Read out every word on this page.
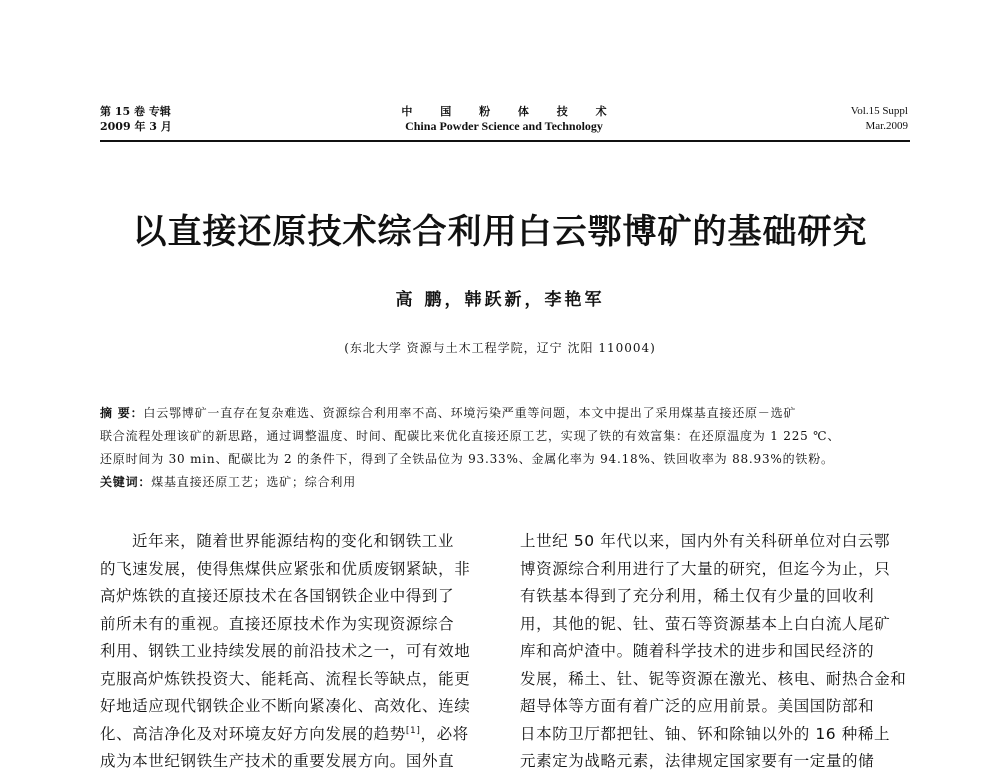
第 15 卷 专辑
2009 年 3 月
中 国 粉 体 技 术
China Powder Science and Technology
Vol.15 Suppl
Mar.2009
以直接还原技术综合利用白云鄂博矿的基础研究
高 鹏，韩跃新，李艳军
(东北大学 资源与土木工程学院，辽宁 沈阳 110004)
摘 要：白云鄂博矿一直存在复杂难选、资源综合利用率不高、环境污染严重等问题，本文中提出了采用煤基直接还原－选矿
联合流程处理该矿的新思路，通过调整温度、时间、配碳比来优化直接还原工艺，实现了铁的有效富集：在还原温度为 1 225 ℃、
还原时间为 30 min、配碳比为 2 的条件下，得到了全铁品位为 93.33%、金属化率为 94.18%、铁回收率为 88.93%的铁粉。
关键词：煤基直接还原工艺；选矿；综合利用
近年来，随着世界能源结构的变化和钢铁工业
的飞速发展，使得焦煤供应紧张和优质废钢紧缺，非
高炉炼铁的直接还原技术在各国钢铁企业中得到了
前所未有的重视。直接还原技术作为实现资源综合
利用、钢铁工业持续发展的前沿技术之一，可有效地
克服高炉炼铁投资大、能耗高、流程长等缺点，能更
好地适应现代钢铁企业不断向紧凑化、高效化、连续
化、高洁净化及对环境友好方向发展的趋势[1]，必将
成为本世纪钢铁生产技术的重要发展方向。国外直
上世纪 50 年代以来，国内外有关科研单位对白云鄂
博资源综合利用进行了大量的研究，但迄今为止，只
有铁基本得到了充分利用，稀土仅有少量的回收利
用，其他的铌、钍、萤石等资源基本上白白流人尾矿
库和高炉渣中。随着科学技术的进步和国民经济的
发展，稀土、钍、铌等资源在激光、核电、耐热合金和
超导体等方面有着广泛的应用前景。美国国防部和
日本防卫厅都把钍、铀、钚和除铀以外的 16 种稀上
元素定为战略元素，法律规定国家要有一定量的储
